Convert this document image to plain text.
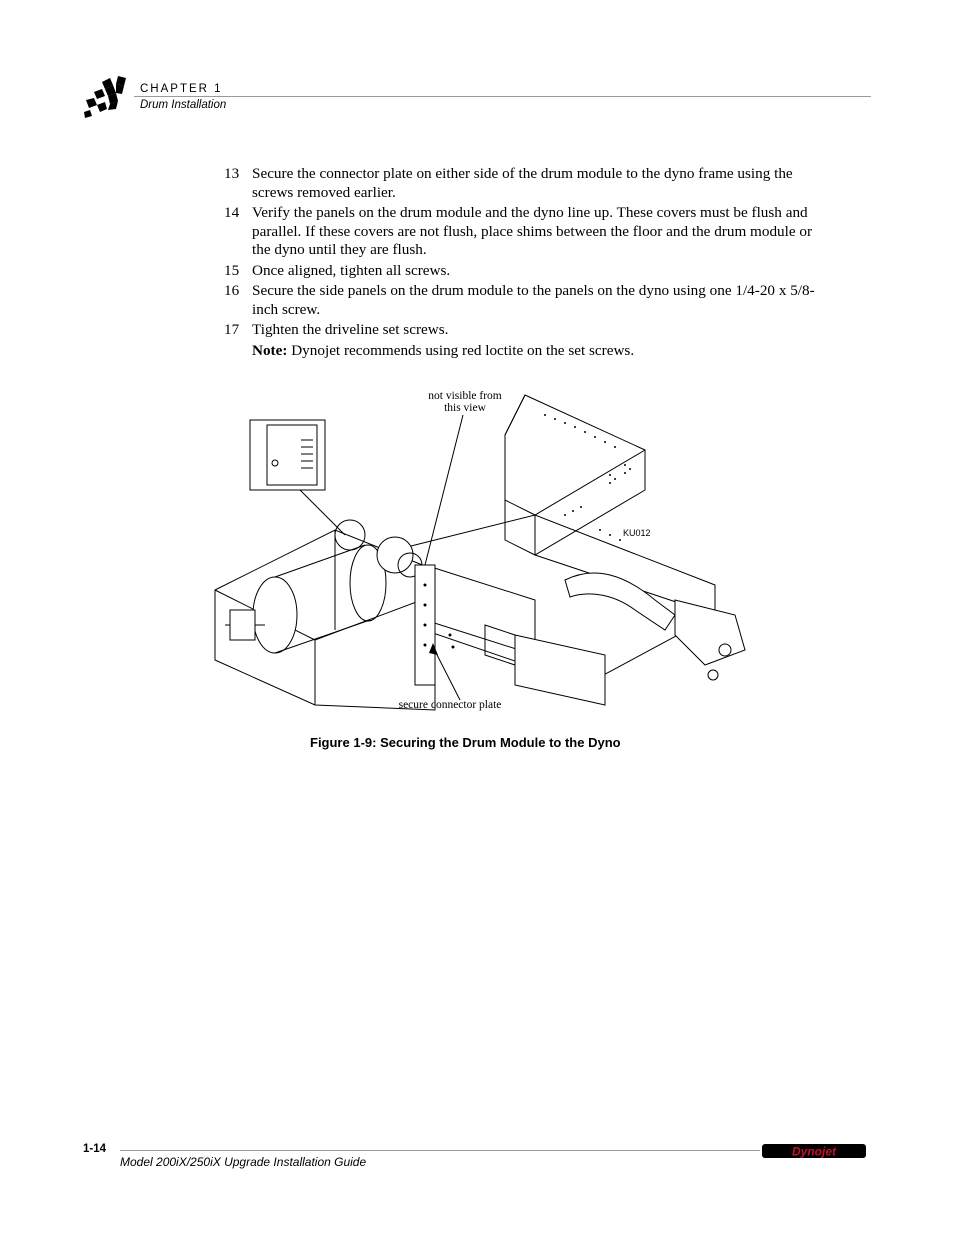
CHAPTER 1
Drum Installation
13 Secure the connector plate on either side of the drum module to the dyno frame using the screws removed earlier.
14 Verify the panels on the drum module and the dyno line up. These covers must be flush and parallel. If these covers are not flush, place shims between the floor and the drum module or the dyno until they are flush.
15 Once aligned, tighten all screws.
16 Secure the side panels on the drum module to the panels on the dyno using one 1/4-20 x 5/8-inch screw.
17 Tighten the driveline set screws.
Note: Dynojet recommends using red loctite on the set screws.
not visible from
this view
secure connector plate
KU012
Figure 1-9: Securing the Drum Module to the Dyno
1-14
Model 200iX/250iX Upgrade Installation Guide
Dynojet
